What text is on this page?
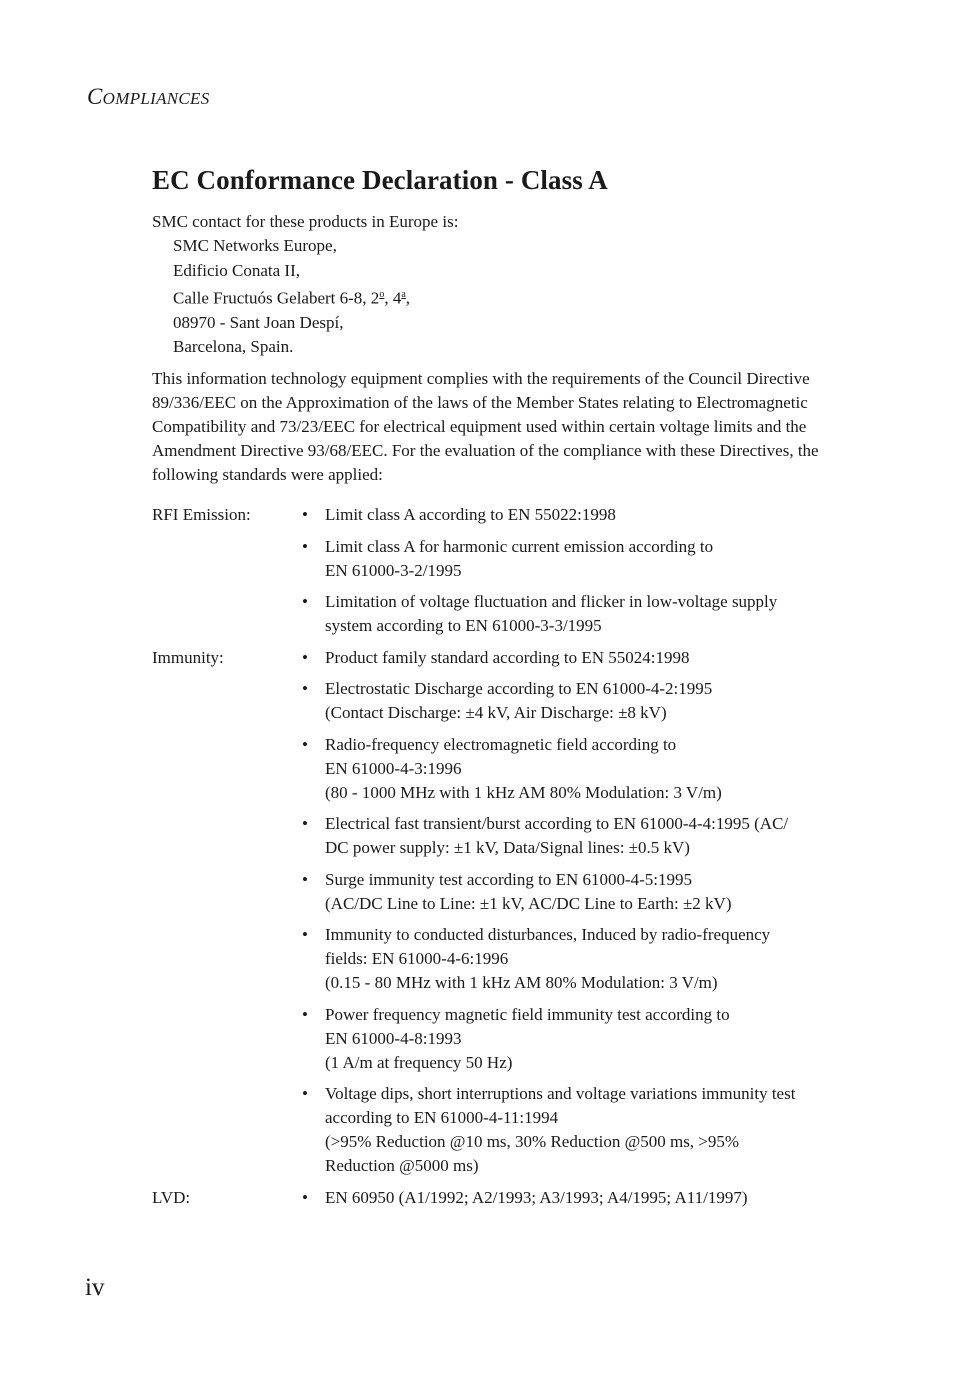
COMPLIANCES
EC Conformance Declaration - Class A

SMC contact for these products in Europe is:

SMC Networks Europe,
Edificio Conata II,
Calle Fructuós Gelabert 6-8, 2$^o$, 4$^a$,
08970 - Sant Joan Despí,
Barcelona, Spain.

This information technology equipment complies with the requirements of the Council Directive 89/336/EEC on the Approximation of the laws of the Member States relating to Electromagnetic Compatibility and 73/23/EEC for electrical equipment used within certain voltage limits and the Amendment Directive 93/68/EEC. For the evaluation of the compliance with these Directives, the following standards were applied:

RFI Emission:	• Limit class A according to EN 55022:1998
• Limit class A for harmonic current emission according to
EN 61000-3-2/1995
• Limitation of voltage fluctuation and flicker in low-voltage supply
system according to EN 61000-3-3/1995
Immunity:	• Product family standard according to EN 55024:1998
• Electrostatic Discharge according to EN 61000-4-2:1995
(Contact Discharge: ±4 kV, Air Discharge: ±8 kV)
• Radio-frequency electromagnetic field according to
EN 61000-4-3:1996
(80 - 1000 MHz with 1 kHz AM 80% Modulation: 3 V/m)
• Electrical fast transient/burst according to EN 61000-4-4:1995 (AC/
DC power supply: ±1 kV, Data/Signal lines: ±0.5 kV)
• Surge immunity test according to EN 61000-4-5:1995
(AC/DC Line to Line: ±1 kV, AC/DC Line to Earth: ±2 kV)
• Immunity to conducted disturbances, Induced by radio-frequency
fields: EN 61000-4-6:1996
(0.15 - 80 MHz with 1 kHz AM 80% Modulation: 3 V/m)
• Power frequency magnetic field immunity test according to
EN 61000-4-8:1993
(1 A/m at frequency 50 Hz)
• Voltage dips, short interruptions and voltage variations immunity test
according to EN 61000-4-11:1994
(>95% Reduction @10 ms, 30% Reduction @500 ms, >95%
Reduction @5000 ms)
LVD:	• EN 60950 (A1/1992; A2/1993; A3/1993; A4/1995; A11/1997)
iv
